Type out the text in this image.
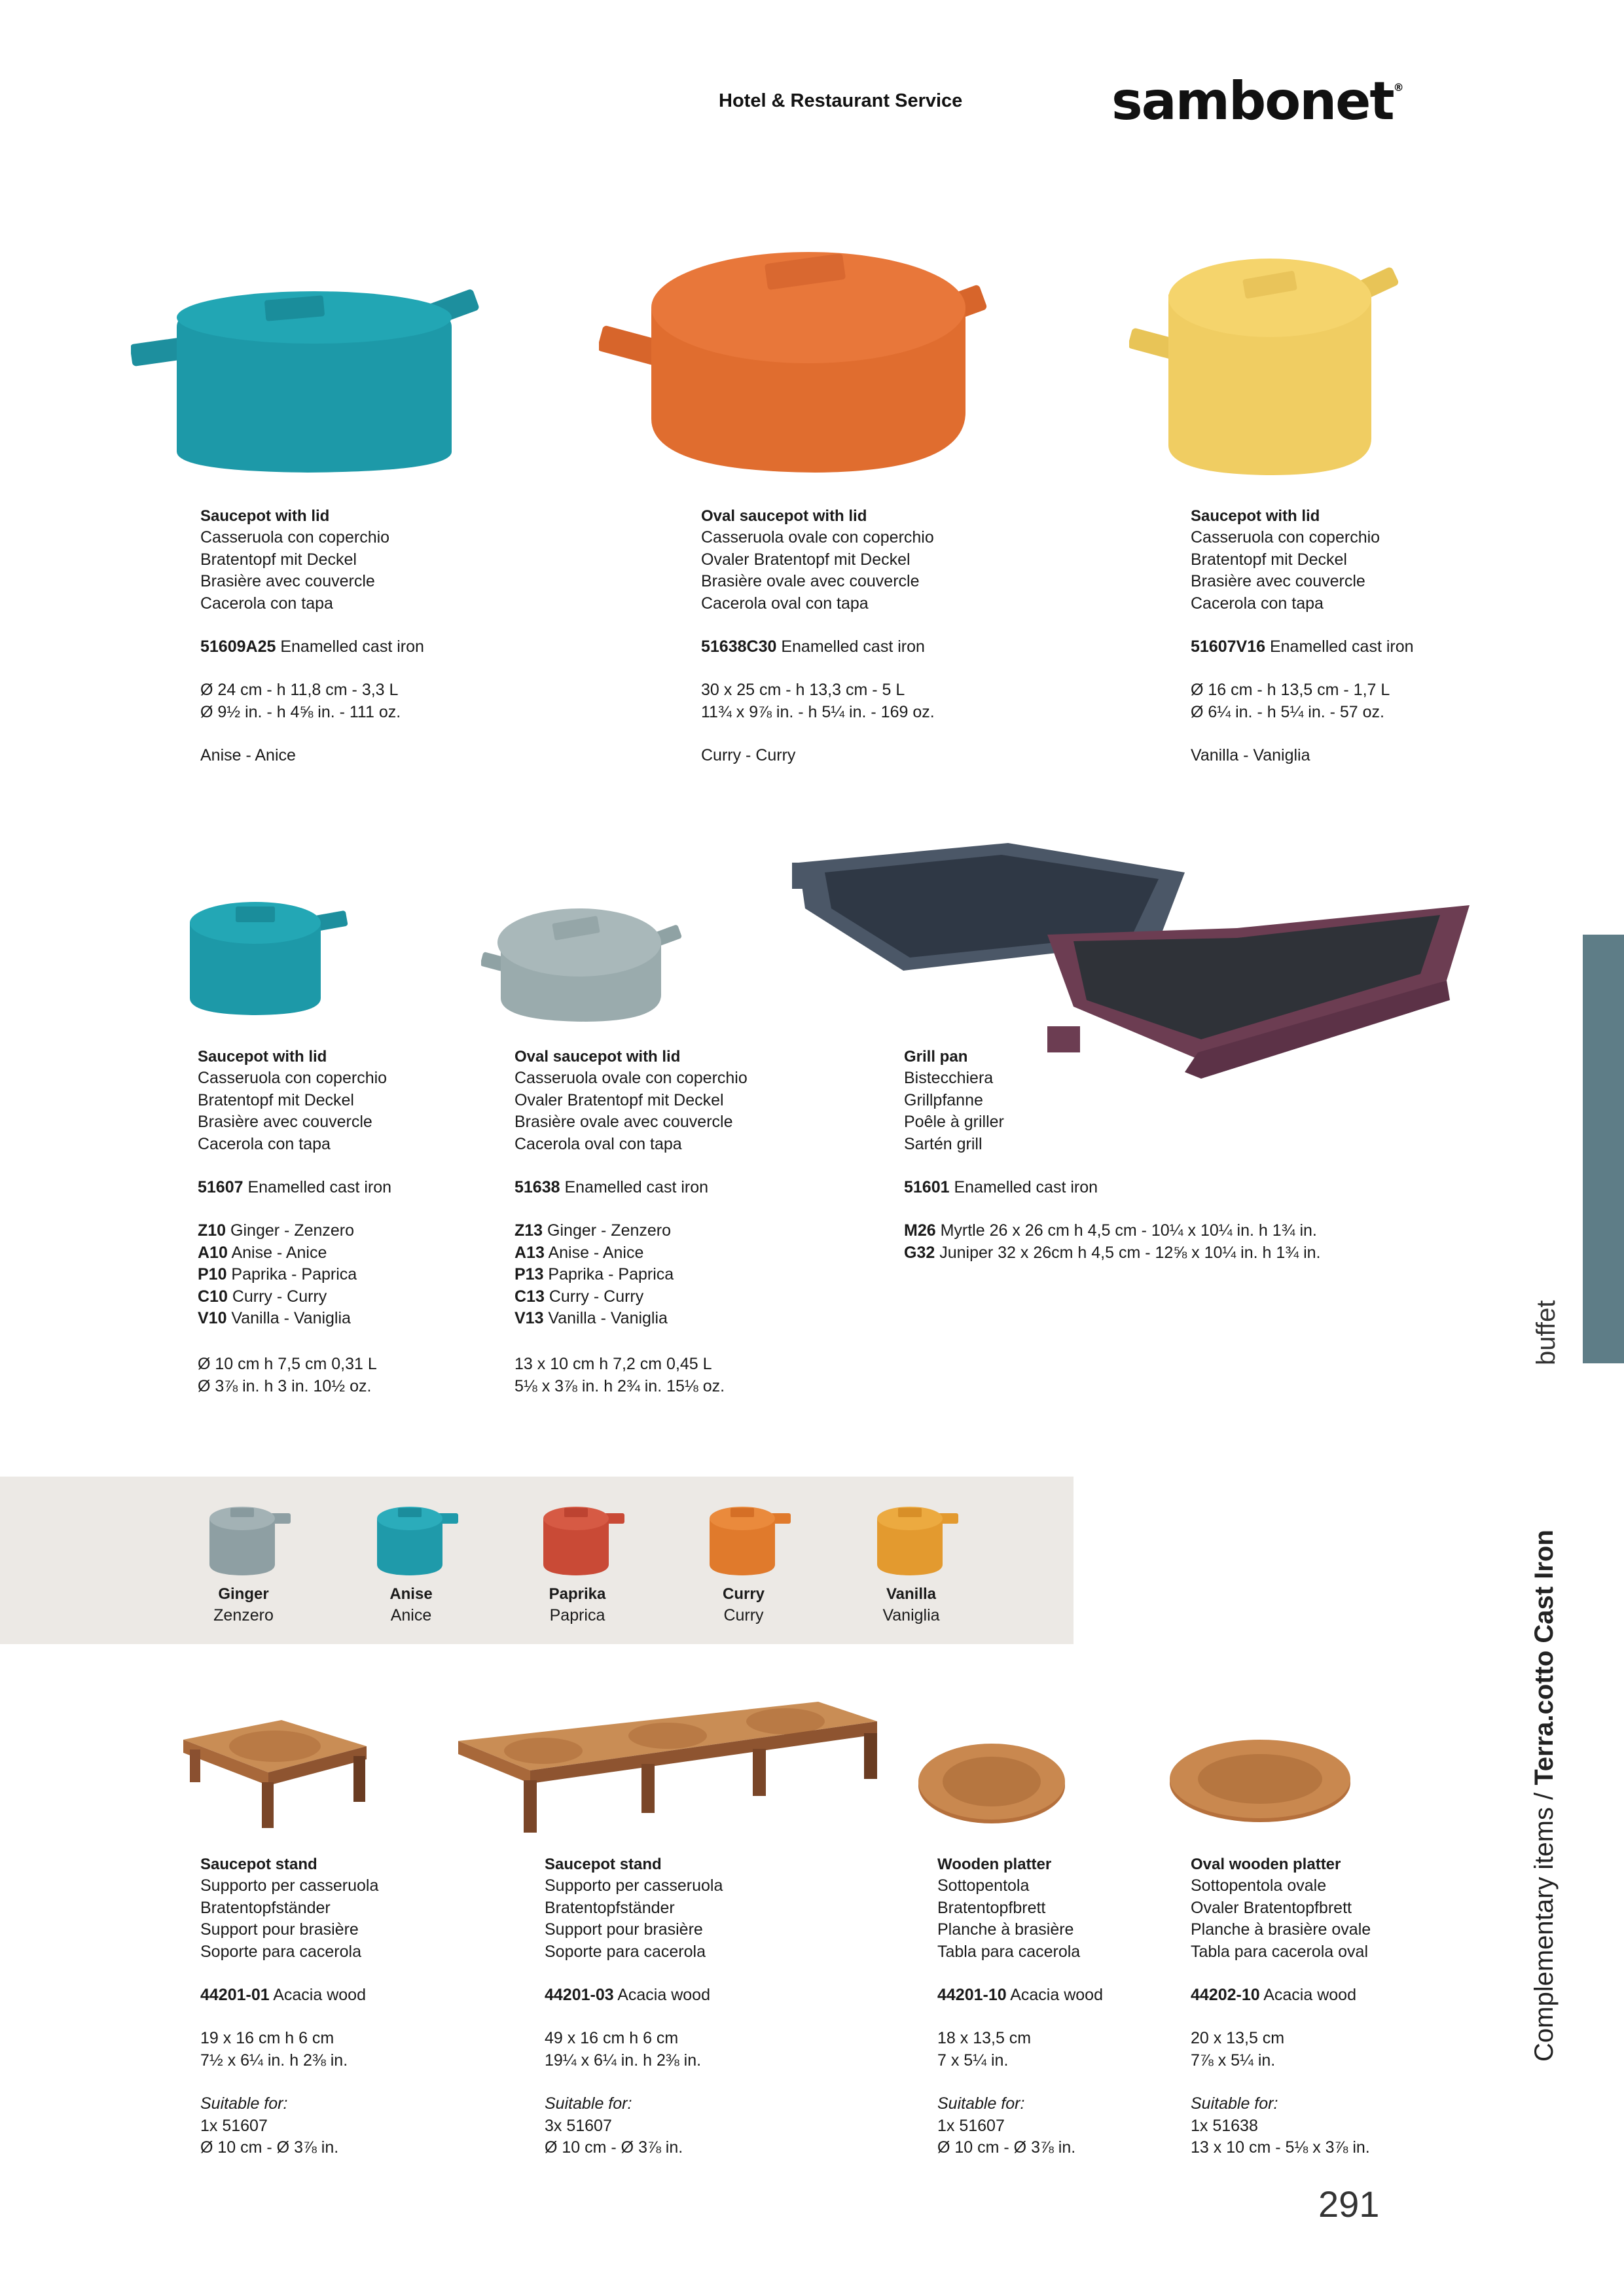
Hotel & Restaurant Service	sambonet®
Saucepot with lid
Casseruola con coperchio
Bratentopf mit Deckel
Brasière avec couvercle
Cacerola con tapa
51609A25 Enamelled cast iron
Ø 24 cm - h 11,8 cm - 3,3 L
Ø 9½ in. - h 4⅝ in. - 111 oz.
Anise - Anice
Oval saucepot with lid
Casseruola ovale con coperchio
Ovaler Bratentopf mit Deckel
Brasière ovale avec couvercle
Cacerola oval con tapa
51638C30 Enamelled cast iron
30 x 25 cm - h 13,3 cm - 5 L
11¾ x 9⅞ in. - h 5¼ in. - 169 oz.
Curry - Curry
Saucepot with lid
Casseruola con coperchio
Bratentopf mit Deckel
Brasière avec couvercle
Cacerola con tapa
51607V16 Enamelled cast iron
Ø 16 cm - h 13,5 cm - 1,7 L
Ø 6¼ in. - h 5¼ in. - 57 oz.
Vanilla - Vaniglia
Saucepot with lid
Casseruola con coperchio
Bratentopf mit Deckel
Brasière avec couvercle
Cacerola con tapa
51607 Enamelled cast iron
Z10 Ginger - Zenzero
A10 Anise - Anice
P10 Paprika - Paprica
C10 Curry - Curry
V10 Vanilla - Vaniglia
Ø 10 cm h 7,5 cm 0,31 L
Ø 3⅞ in. h 3 in. 10½ oz.
Oval saucepot with lid
Casseruola ovale con coperchio
Ovaler Bratentopf mit Deckel
Brasière ovale avec couvercle
Cacerola oval con tapa
51638 Enamelled cast iron
Z13 Ginger - Zenzero
A13 Anise - Anice
P13 Paprika - Paprica
C13 Curry - Curry
V13 Vanilla - Vaniglia
13 x 10 cm h 7,2 cm 0,45 L
5⅛ x 3⅞ in. h 2¾ in. 15⅛ oz.
Grill pan
Bistecchiera
Grillpfanne
Poêle à griller
Sartén grill
51601 Enamelled cast iron
M26 Myrtle 26 x 26 cm h 4,5 cm - 10¼ x 10¼ in. h 1¾ in.
G32 Juniper 32 x 26cm h 4,5 cm - 12⅝ x 10¼ in. h 1¾ in.
Ginger
Zenzero
Anise
Anice
Paprika
Paprica
Curry
Curry
Vanilla
Vaniglia
Saucepot stand
Supporto per casseruola
Bratentopfständer
Support pour brasière
Soporte para cacerola
44201-01 Acacia wood
19 x 16 cm h 6 cm
7½ x 6¼ in. h 2⅜ in.
Suitable for:
1x 51607
Ø 10 cm - Ø 3⅞ in.
Saucepot stand
Supporto per casseruola
Bratentopfständer
Support pour brasière
Soporte para cacerola
44201-03 Acacia wood
49 x 16 cm h 6 cm
19¼ x 6¼ in. h 2⅜ in.
Suitable for:
3x 51607
Ø 10 cm - Ø 3⅞ in.
Wooden platter
Sottopentola
Bratentopfbrett
Planche à brasière
Tabla para cacerola
44201-10 Acacia wood
18 x 13,5 cm
7 x 5¼ in.
Suitable for:
1x 51607
Ø 10 cm - Ø 3⅞ in.
Oval wooden platter
Sottopentola ovale
Ovaler Bratentopfbrett
Planche à brasière ovale
Tabla para cacerola oval
44202-10 Acacia wood
20 x 13,5 cm
7⅞ x 5¼ in.
Suitable for:
1x 51638
13 x 10 cm - 5⅛ x 3⅞ in.
buffet
Complementary items / Terra.cotto Cast Iron
291
